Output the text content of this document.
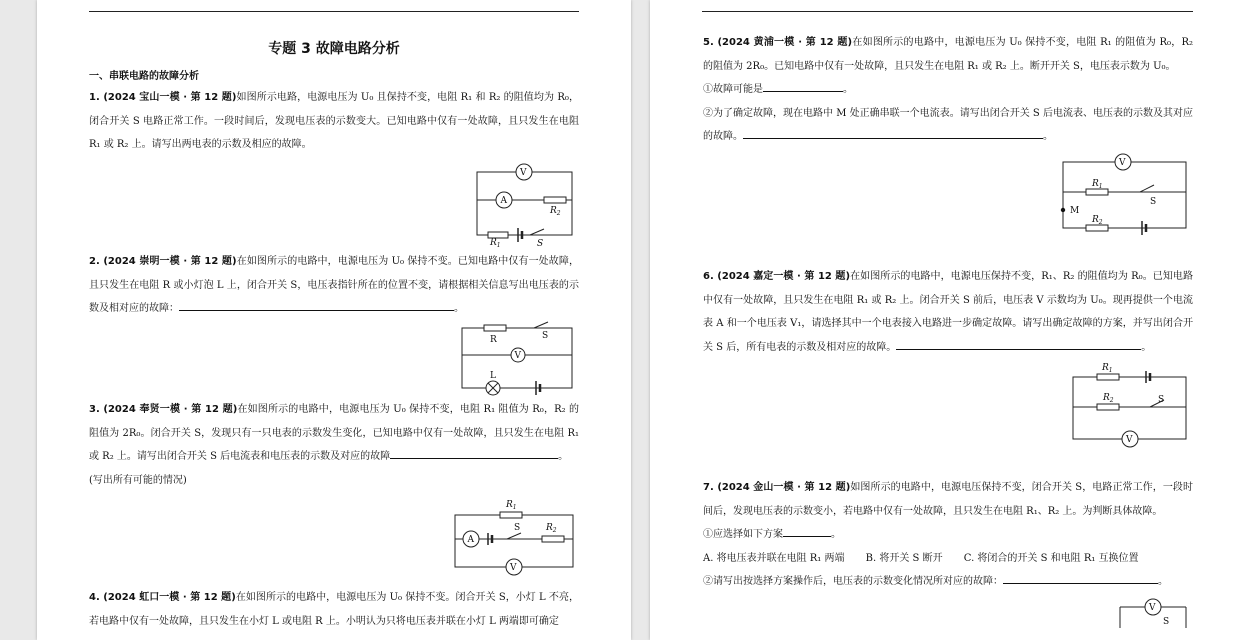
专题 3 故障电路分析
一、串联电路的故障分析
1. (2024 宝山一模 · 第 12 题)如图所示电路，电源电压为 U₀ 且保持不变，电阻 R₁ 和 R₂ 的阻值均为 R₀，闭合开关 S 电路正常工作。一段时间后，发现电压表的示数变大。已知电路中仅有一处故障，且只发生在电阻 R₁ 或 R₂ 上。请写出两电表的示数及相应的故障。
V
A
$R_2$
$R_1$	S
2. (2024 崇明一模 · 第 12 题)在如图所示的电路中，电源电压为 U₀ 保持不变。已知电路中仅有一处故障，且只发生在电阻 R 或小灯泡 L 上，闭合开关 S，电压表指针所在的位置不变，请根据相关信息写出电压表的示数及相对应的故障：	。
R	S
V
L
3. (2024 奉贤一模 · 第 12 题)在如图所示的电路中，电源电压为 U₀ 保持不变，电阻 R₁ 阻值为 R₀，R₂ 的阻值为 2R₀。闭合开关 S，发现只有一只电表的示数发生变化，已知电路中仅有一处故障，且只发生在电阻 R₁ 或 R₂ 上。请写出闭合开关 S 后电流表和电压表的示数及对应的故障	。
(写出所有可能的情况)
$R_1$
A
S	$R_2$
V
4. (2024 虹口一模 · 第 12 题)在如图所示的电路中，电源电压为 U₀ 保持不变。闭合开关 S，小灯 L 不亮，若电路中仅有一处故障，且只发生在小灯 L 或电阻 R 上。小明认为只将电压表并联在小灯 L 两端即可确定
5. (2024 黄浦一模 · 第 12 题)在如图所示的电路中，电源电压为 U₀ 保持不变，电阻 R₁ 的阻值为 R₀，R₂ 的阻值为 2R₀。已知电路中仅有一处故障，且只发生在电阻 R₁ 或 R₂ 上。断开开关 S，电压表示数为 U₀。
①故障可能是	。
②为了确定故障，现在电路中 M 处正确串联一个电流表。请写出闭合开关 S 后电流表、电压表的示数及其对应的故障。	。
V
$R_1$
S
M
$R_2$
6. (2024 嘉定一模 · 第 12 题)在如图所示的电路中，电源电压保持不变，R₁、R₂ 的阻值均为 R₀。已知电路中仅有一处故障，且只发生在电阻 R₁ 或 R₂ 上。闭合开关 S 前后，电压表 V 示数均为 U₀。现再提供一个电流表 A 和一个电压表 V₁，请选择其中一个电表接入电路进一步确定故障。请写出确定故障的方案，并写出闭合开关 S 后，所有电表的示数及相对应的故障。	。
$R_1$
$R_2$	S
V
7. (2024 金山一模 · 第 12 题)如图所示的电路中，电源电压保持不变，闭合开关 S，电路正常工作，一段时间后，发现电压表的示数变小，若电路中仅有一处故障，且只发生在电阻 R₁、R₂ 上。为判断具体故障。
①应选择如下方案	。
A. 将电压表并联在电阻 R₁ 两端 B. 将开关 S 断开 C. 将闭合的开关 S 和电阻 R₁ 互换位置
②请写出按选择方案操作后，电压表的示数变化情况所对应的故障：	。
V
S
